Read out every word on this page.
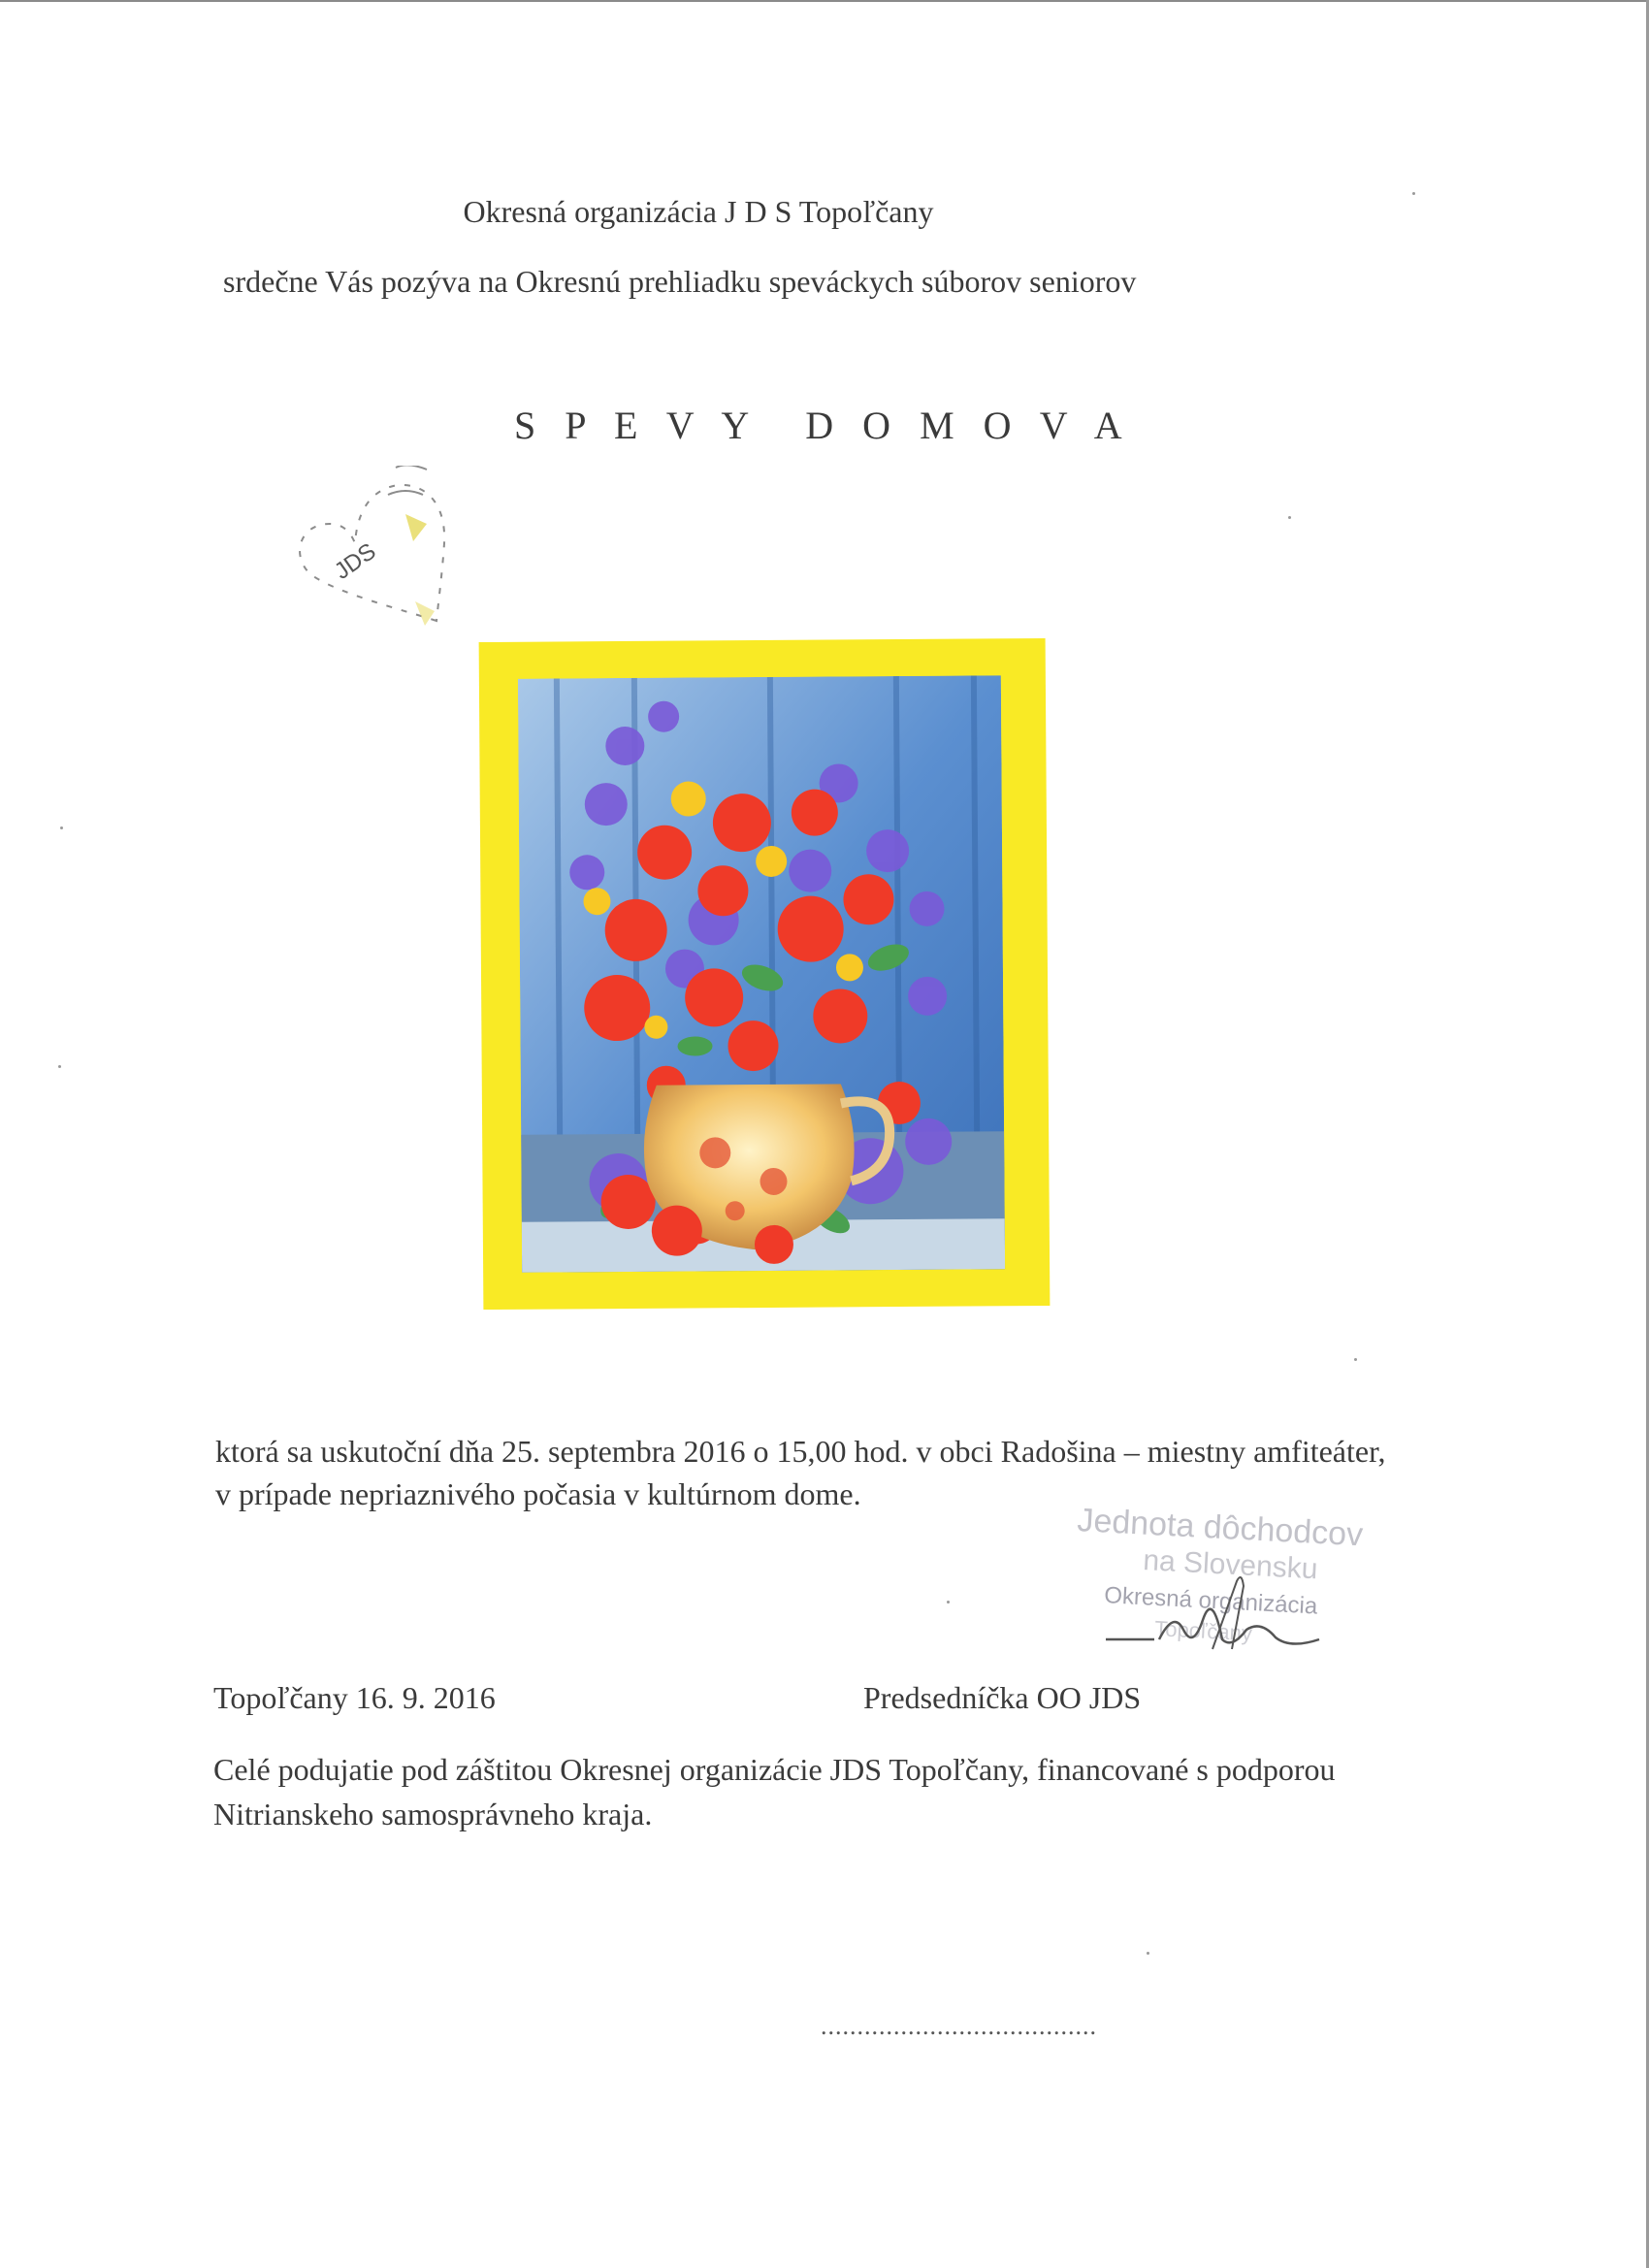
Okresná organizácia J D S Topoľčany
srdečne Vás pozýva na Okresnú prehliadku speváckych súborov seniorov
S P E V Y D O M O V A
JDS
ktorá sa uskutoční dňa 25. septembra 2016 o 15,00 hod. v obci Radošina – miestny amfiteáter,
v prípade nepriaznivého počasia v kultúrnom dome.
Jednota dôchodcov
na Slovensku
Okresná organizácia
Topoľčany
Topoľčany 16. 9. 2016	Predsedníčka OO JDS
Celé podujatie pod záštitou Okresnej organizácie JDS Topoľčany, financované s podporou
Nitrianskeho samosprávneho kraja.
......................................
